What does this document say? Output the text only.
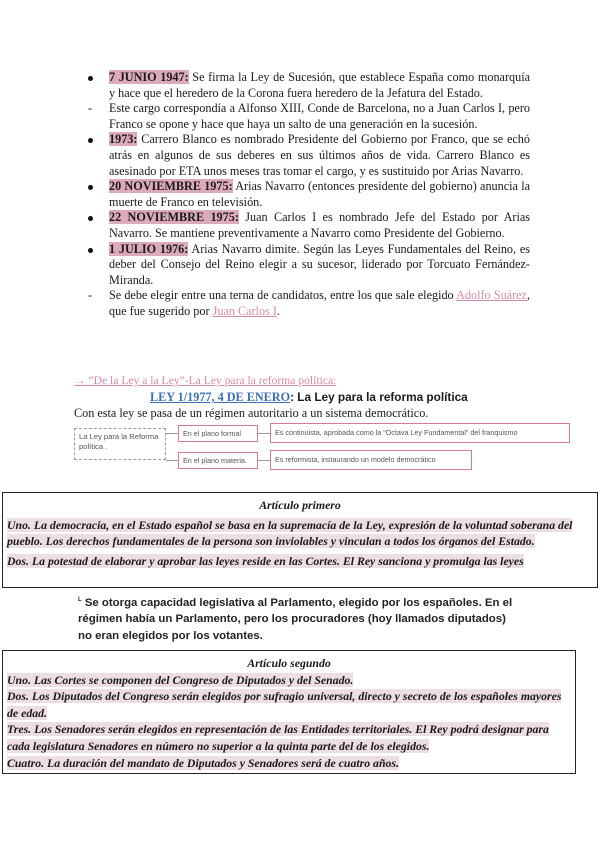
7 JUNIO 1947: Se firma la Ley de Sucesión, que establece España como monarquía y hace que el heredero de la Corona fuera heredero de la Jefatura del Estado.
-	Este cargo correspondía a Alfonso XIII, Conde de Barcelona, no a Juan Carlos I, pero Franco se opone y hace que haya un salto de una generación en la sucesión.
1973: Carrero Blanco es nombrado Presidente del Gobierno por Franco, que se echó atrás en algunos de sus deberes en sus últimos años de vida. Carrero Blanco es asesinado por ETA unos meses tras tomar el cargo, y es sustituido por Arias Navarro.
20 NOVIEMBRE 1975: Arias Navarro (entonces presidente del gobierno) anuncia la muerte de Franco en televisión.
22 NOVIEMBRE 1975: Juan Carlos I es nombrado Jefe del Estado por Arias Navarro. Se mantiene preventivamente a Navarro como Presidente del Gobierno.
1 JULIO 1976: Arias Navarro dimite. Según las Leyes Fundamentales del Reino, es deber del Consejo del Reino elegir a su sucesor, liderado por Torcuato Fernández-Miranda.
-	Se debe elegir entre una terna de candidatos, entre los que sale elegido Adolfo Suárez, que fue sugerido por Juan Carlos I.
→ “De la Ley a la Ley”-La Ley para la reforma política:
LEY 1/1977, 4 DE ENERO: La Ley para la reforma política
Con esta ley se pasa de un régimen autoritario a un sistema democrático.
La Ley para la Reforma política .
En el plano formal
En el plano materia.
Es continuista, aprobada como la “Octava Ley Fundamental” del franquismo
Es reformista, instaurando un modelo democrático
Artículo primero

Uno. La democracia, en el Estado español se basa en la supremacía de la Ley, expresión de la voluntad soberana del pueblo. Los derechos fundamentales de la persona son inviolables y vinculan a todos los órganos del Estado.

Dos. La potestad de elaborar y aprobar las leyes reside en las Cortes. El Rey sanciona y promulga las leyes

$^L$ Se otorga capacidad legislativa al Parlamento, elegido por los españoles. En el régimen había un Parlamento, pero los procuradores (hoy llamados diputados) no eran elegidos por los votantes.
Artículo segundo

Uno. Las Cortes se componen del Congreso de Diputados y del Senado.

Dos. Los Diputados del Congreso serán elegidos por sufragio universal, directo y secreto de los españoles mayores de edad.

Tres. Los Senadores serán elegidos en representación de las Entidades territoriales. El Rey podrá designar para cada legislatura Senadores en número no superior a la quinta parte del de los elegidos.

Cuatro. La duración del mandato de Diputados y Senadores será de cuatro años.
